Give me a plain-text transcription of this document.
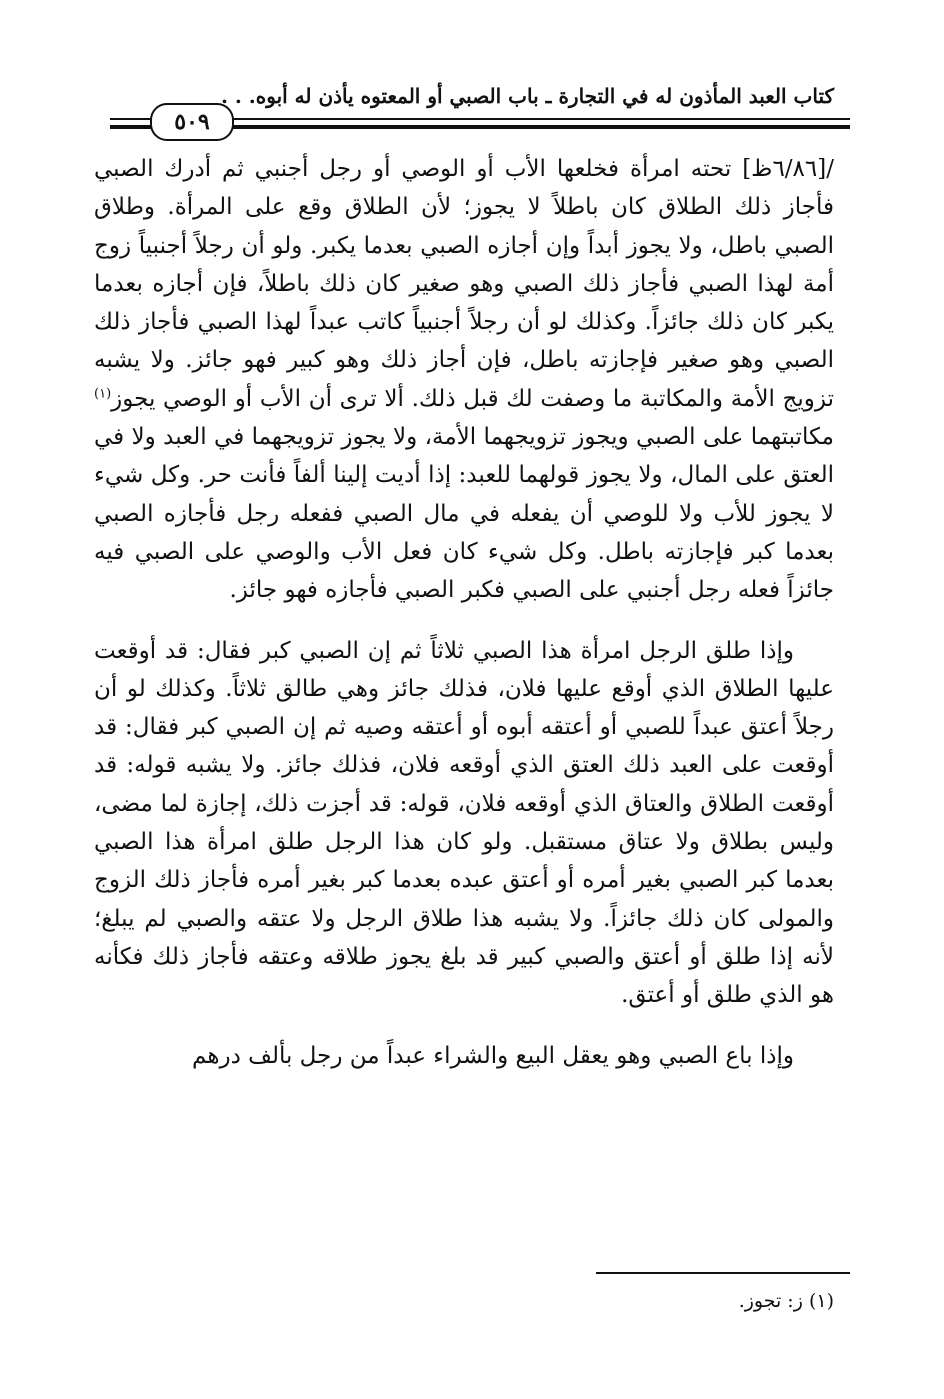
كتاب العبد المأذون له في التجارة ـ باب الصبي أو المعتوه يأذن له أبوه. . .
٥٠٩

/[٦/٨٦ظ] تحته امرأة فخلعها الأب أو الوصي أو رجل أجنبي ثم أدرك الصبي فأجاز ذلك الطلاق كان باطلاً لا يجوز؛ لأن الطلاق وقع على المرأة. وطلاق الصبي باطل، ولا يجوز أبداً وإن أجازه الصبي بعدما يكبر. ولو أن رجلاً أجنبياً زوج أمة لهذا الصبي فأجاز ذلك الصبي وهو صغير كان ذلك باطلاً، فإن أجازه بعدما يكبر كان ذلك جائزاً. وكذلك لو أن رجلاً أجنبياً كاتب عبداً لهذا الصبي فأجاز ذلك الصبي وهو صغير فإجازته باطل، فإن أجاز ذلك وهو كبير فهو جائز. ولا يشبه تزويج الأمة والمكاتبة ما وصفت لك قبل ذلك. ألا ترى أن الأب أو الوصي يجوز$^{(١)}$ مكاتبتهما على الصبي ويجوز تزويجهما الأمة، ولا يجوز تزويجهما في العبد ولا في العتق على المال، ولا يجوز قولهما للعبد: إذا أديت إلينا ألفاً فأنت حر. وكل شيء لا يجوز للأب ولا للوصي أن يفعله في مال الصبي ففعله رجل فأجازه الصبي بعدما كبر فإجازته باطل. وكل شيء كان فعل الأب والوصي على الصبي فيه جائزاً فعله رجل أجنبي على الصبي فكبر الصبي فأجازه فهو جائز.

وإذا طلق الرجل امرأة هذا الصبي ثلاثاً ثم إن الصبي كبر فقال: قد أوقعت عليها الطلاق الذي أوقع عليها فلان، فذلك جائز وهي طالق ثلاثاً. وكذلك لو أن رجلاً أعتق عبداً للصبي أو أعتقه أبوه أو أعتقه وصيه ثم إن الصبي كبر فقال: قد أوقعت على العبد ذلك العتق الذي أوقعه فلان، فذلك جائز. ولا يشبه قوله: قد أوقعت الطلاق والعتاق الذي أوقعه فلان، قوله: قد أجزت ذلك، إجازة لما مضى، وليس بطلاق ولا عتاق مستقبل. ولو كان هذا الرجل طلق امرأة هذا الصبي بعدما كبر الصبي بغير أمره أو أعتق عبده بعدما كبر بغير أمره فأجاز ذلك الزوج والمولى كان ذلك جائزاً. ولا يشبه هذا طلاق الرجل ولا عتقه والصبي لم يبلغ؛ لأنه إذا طلق أو أعتق والصبي كبير قد بلغ يجوز طلاقه وعتقه فأجاز ذلك فكأنه هو الذي طلق أو أعتق.

وإذا باع الصبي وهو يعقل البيع والشراء عبداً من رجل بألف درهم

(١) ز: تجوز.
